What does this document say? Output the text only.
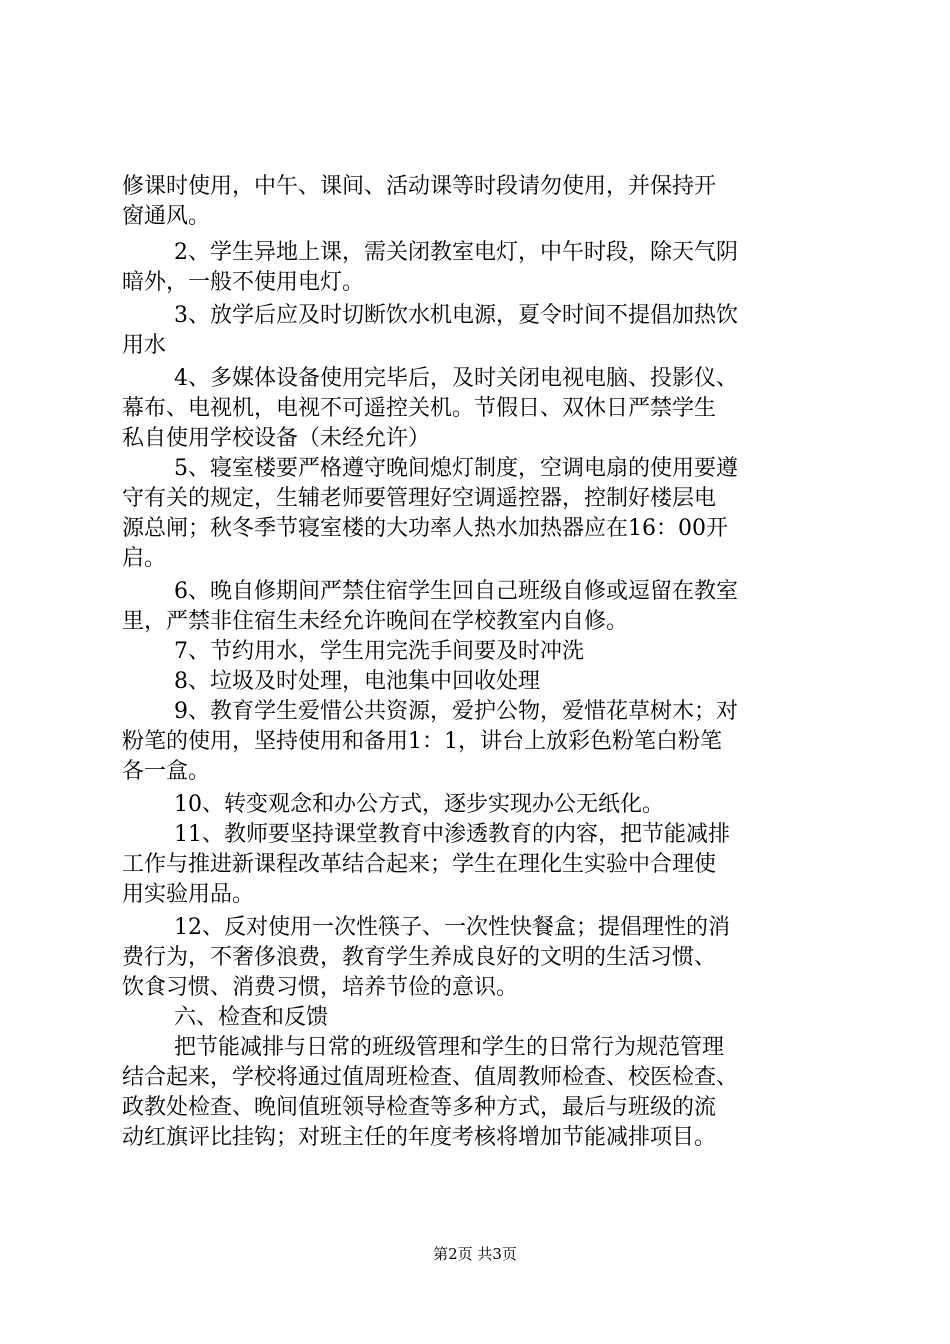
修课时使用，中午、课间、活动课等时段请勿使用，并保持开
窗通风。
2、学生异地上课，需关闭教室电灯，中午时段，除天气阴
暗外，一般不使用电灯。
3、放学后应及时切断饮水机电源，夏令时间不提倡加热饮
用水
4、多媒体设备使用完毕后，及时关闭电视电脑、投影仪、
幕布、电视机，电视不可遥控关机。节假日、双休日严禁学生
私自使用学校设备（未经允许）
5、寝室楼要严格遵守晚间熄灯制度，空调电扇的使用要遵
守有关的规定，生辅老师要管理好空调遥控器，控制好楼层电
源总闸；秋冬季节寝室楼的大功率人热水加热器应在16：00开
启。
6、晚自修期间严禁住宿学生回自己班级自修或逗留在教室
里，严禁非住宿生未经允许晚间在学校教室内自修。
7、节约用水，学生用完洗手间要及时冲洗
8、垃圾及时处理，电池集中回收处理
9、教育学生爱惜公共资源，爱护公物，爱惜花草树木；对
粉笔的使用，坚持使用和备用1：1，讲台上放彩色粉笔白粉笔
各一盒。
10、转变观念和办公方式，逐步实现办公无纸化。
11、教师要坚持课堂教育中渗透教育的内容，把节能减排
工作与推进新课程改革结合起来；学生在理化生实验中合理使
用实验用品。
12、反对使用一次性筷子、一次性快餐盒；提倡理性的消
费行为，不奢侈浪费，教育学生养成良好的文明的生活习惯、
饮食习惯、消费习惯，培养节俭的意识。
六、检查和反馈
把节能减排与日常的班级管理和学生的日常行为规范管理
结合起来，学校将通过值周班检查、值周教师检查、校医检查、
政教处检查、晚间值班领导检查等多种方式，最后与班级的流
动红旗评比挂钩；对班主任的年度考核将增加节能减排项目。
第2页 共3页
